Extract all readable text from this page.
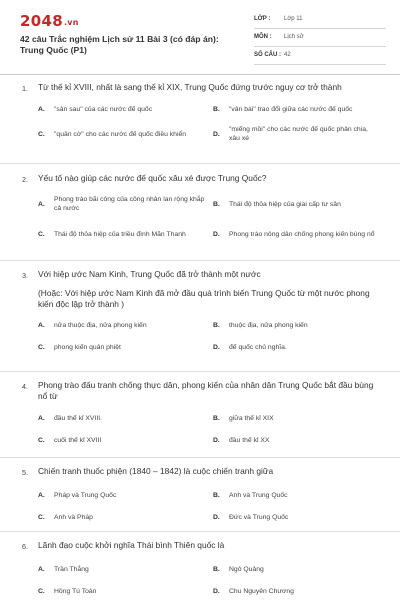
2048.vn
42 câu Trắc nghiệm Lịch sử 11 Bài 3 (có đáp án): Trung Quốc (P1)
LỚP : Lớp 11
MÔN : Lịch sử
SỐ CÂU : 42
1.	Từ thế kỉ XVIII, nhất là sang thế kỉ XIX, Trung Quốc đứng trước nguy cơ trở thành
A.	"sân sau" của các nước đế quốc	B.	"vân bài" trao đổi giữa các nước đế quốc
C.	"quân cờ" cho các nước đế quốc điều khiển	D.
"miếng mồi" cho các nước đế quốc phân chia, xâu xé
2.	Yếu tố nào giúp các nước đế quốc xâu xé được Trung Quốc?
A.
Phong trào bãi công của công nhân lan rộng khắp cả nước
B.	Thái độ thỏa hiệp của giai cấp tư sản
C.	Thái độ thỏa hiệp của triều đình Mãn Thanh	D.	Phong trào nông dân chống phong kiến bùng nổ
3.	Với hiệp ước Nam Kinh, Trung Quốc đã trở thành một nước
(Hoặc: Với hiệp ước Nam Kinh đã mở đầu quá trình biến Trung Quốc từ một nước phong kiến độc lập trở thành )
A.	nửa thuộc địa, nửa phong kiến	B.	thuộc địa, nửa phong kiến
C.	phong kiến quân phiệt	D.	đế quốc chủ nghĩa.
4.	Phong trào đấu tranh chống thực dân, phong kiến của nhân dân Trung Quốc bắt đầu bùng nổ từ
A.	đầu thế kỉ XVIII.	B.	giữa thế kỉ XIX
C.	cuối thế kỉ XVIII	D.	đầu thế kỉ XX
5.	Chiến tranh thuốc phiện (1840 – 1842) là cuộc chiến tranh giữa
A.	Pháp và Trung Quốc	B.	Anh và Trung Quốc
C.	Anh và Pháp	D.	Đức và Trung Quốc
6.	Lãnh đạo cuộc khởi nghĩa Thái bình Thiên quốc là
A.	Trần Thắng	B.	Ngô Quảng
C.	Hồng Tú Toàn	D.	Chu Nguyên Chương
